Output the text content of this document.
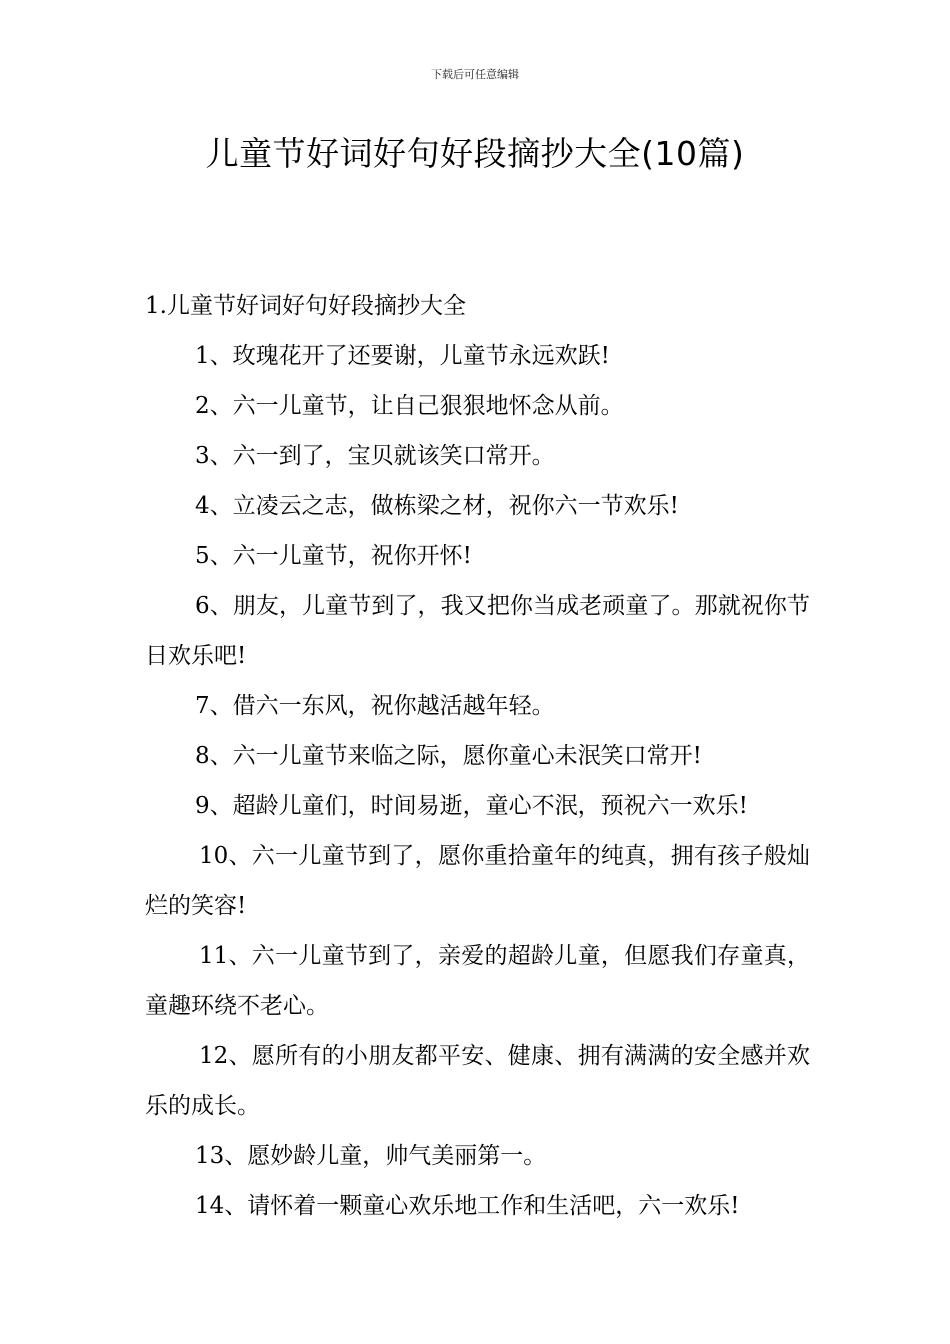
下载后可任意编辑
儿童节好词好句好段摘抄大全(10篇)
1.儿童节好词好句好段摘抄大全

1、玫瑰花开了还要谢，儿童节永远欢跃!

2、六一儿童节，让自己狠狠地怀念从前。

3、六一到了，宝贝就该笑口常开。

4、立凌云之志，做栋梁之材，祝你六一节欢乐!

5、六一儿童节，祝你开怀!

6、朋友，儿童节到了，我又把你当成老顽童了。那就祝你节日欢乐吧!

7、借六一东风，祝你越活越年轻。

8、六一儿童节来临之际，愿你童心未泯笑口常开!

9、超龄儿童们，时间易逝，童心不泯，预祝六一欢乐!

10、六一儿童节到了，愿你重拾童年的纯真，拥有孩子般灿烂的笑容!

11、六一儿童节到了，亲爱的超龄儿童，但愿我们存童真，童趣环绕不老心。

12、愿所有的小朋友都平安、健康、拥有满满的安全感并欢乐的成长。

13、愿妙龄儿童，帅气美丽第一。

14、请怀着一颗童心欢乐地工作和生活吧，六一欢乐!
